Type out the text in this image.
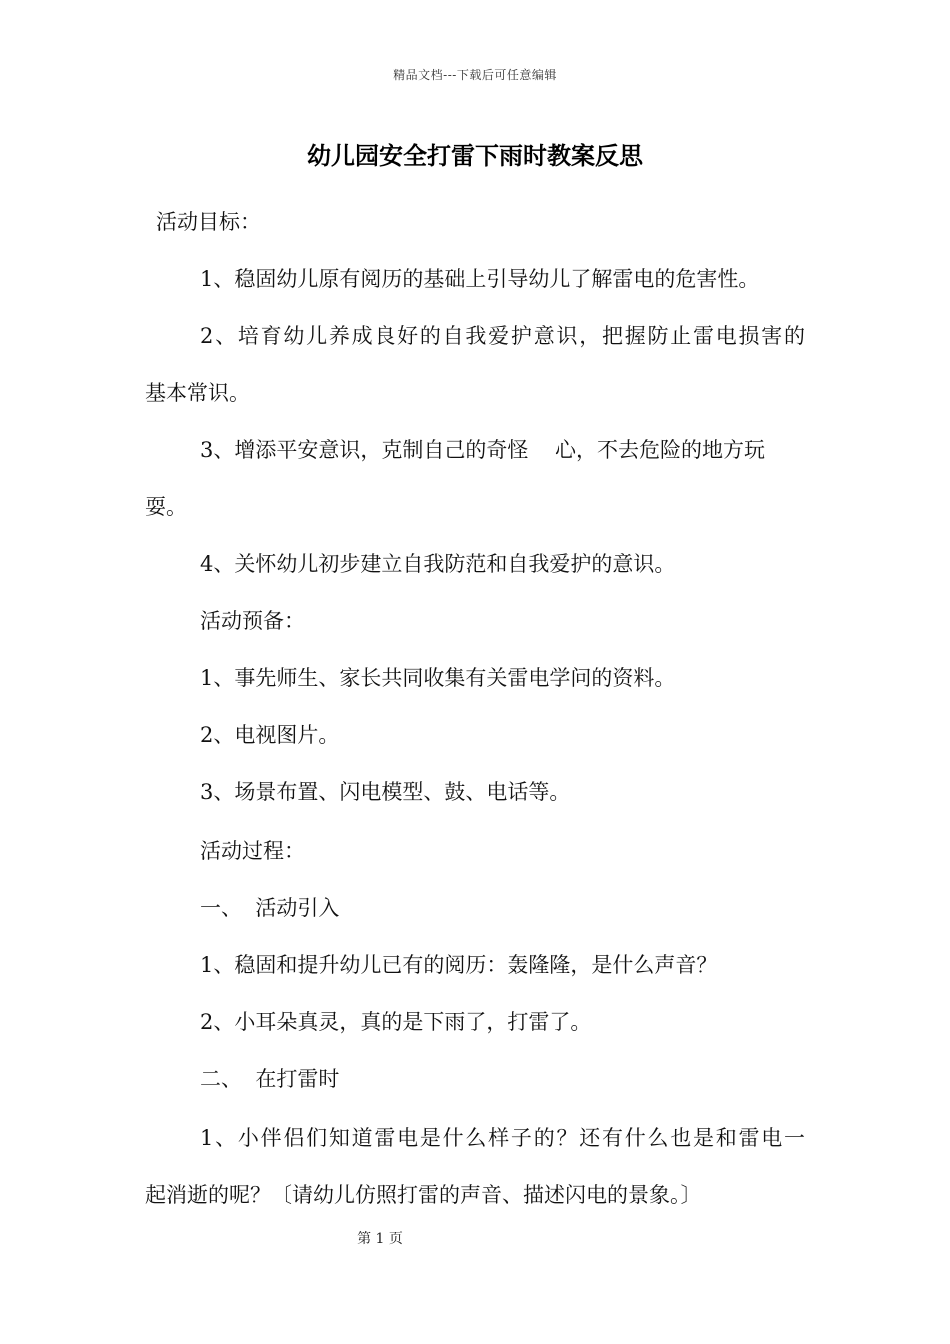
精品文档---下载后可任意编辑
幼儿园安全打雷下雨时教案反思
活动目标：
1、稳固幼儿原有阅历的基础上引导幼儿了解雷电的危害性。
2、培育幼儿养成良好的自我爱护意识，把握防止雷电损害的
基本常识。
3、增添平安意识，克制自己的奇怪    心，不去危险的地方玩
耍。
4、关怀幼儿初步建立自我防范和自我爱护的意识。
活动预备：
1、事先师生、家长共同收集有关雷电学问的资料。
2、电视图片。
3、场景布置、闪电模型、鼓、电话等。
活动过程：
一、  活动引入
1、稳固和提升幼儿已有的阅历：轰隆隆，是什么声音？
2、小耳朵真灵，真的是下雨了，打雷了。
二、  在打雷时
1、小伴侣们知道雷电是什么样子的？还有什么也是和雷电一
起消逝的呢？〔请幼儿仿照打雷的声音、描述闪电的景象。〕
第 1 页
